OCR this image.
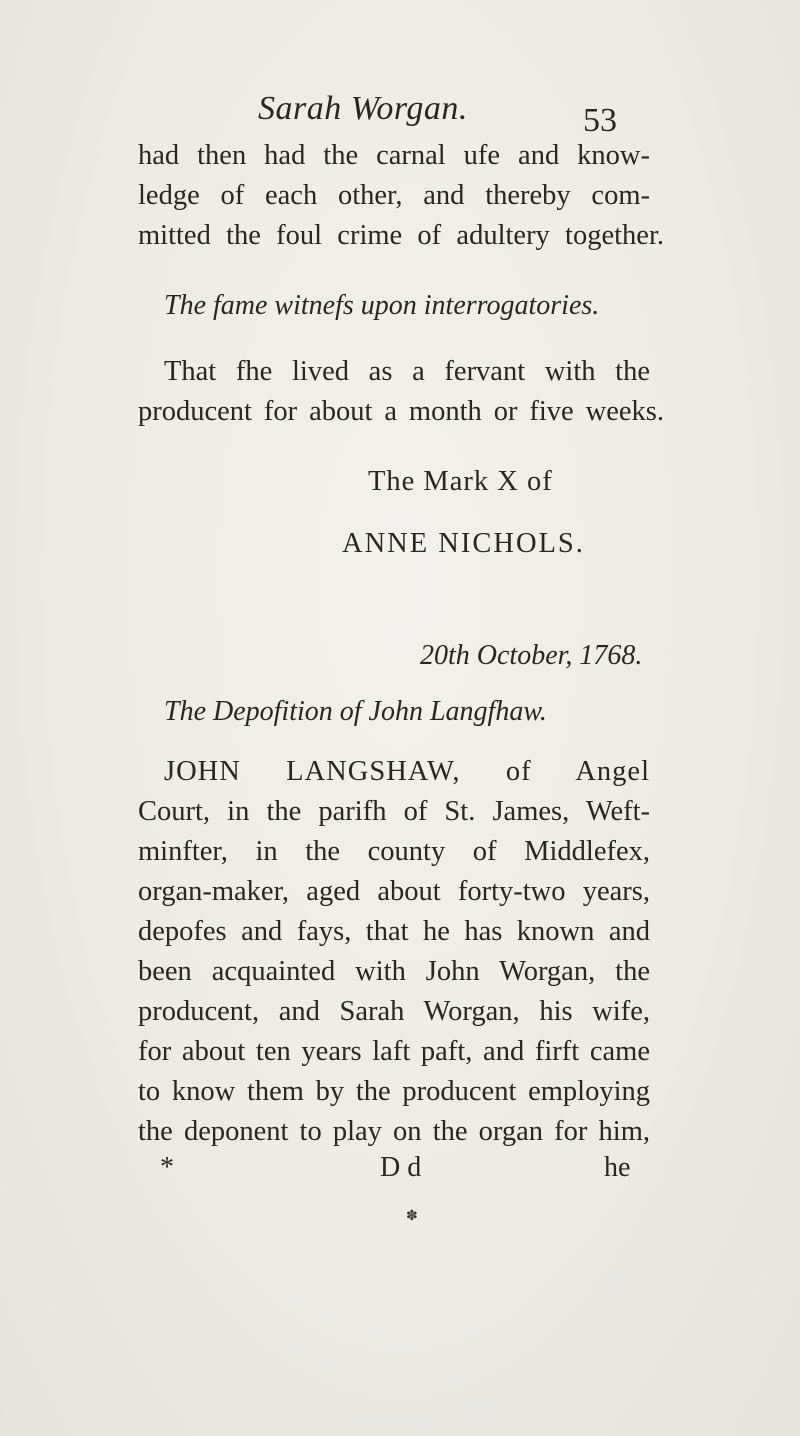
Sarah Worgan.	53
had then had the carnal ufe and know-
ledge of each other, and thereby com-
mitted the foul crime of adultery together.
The fame witnefs upon interrogatories.
That fhe lived as a fervant with the
producent for about a month or five weeks.
The Mark X of
ANNE NICHOLS.
20th October, 1768.
The Depofition of John Langfhaw.
JOHN LANGSHAW, of Angel
Court, in the parifh of St. James, Weft-
minfter, in the county of Middlefex,
organ-maker, aged about forty-two years,
depofes and fays, that he has known and
been acquainted with John Worgan, the
producent, and Sarah Worgan, his wife,
for about ten years laft paft, and firft came
to know them by the producent employing
the deponent to play on the organ for him,
*	D d	he
✽
